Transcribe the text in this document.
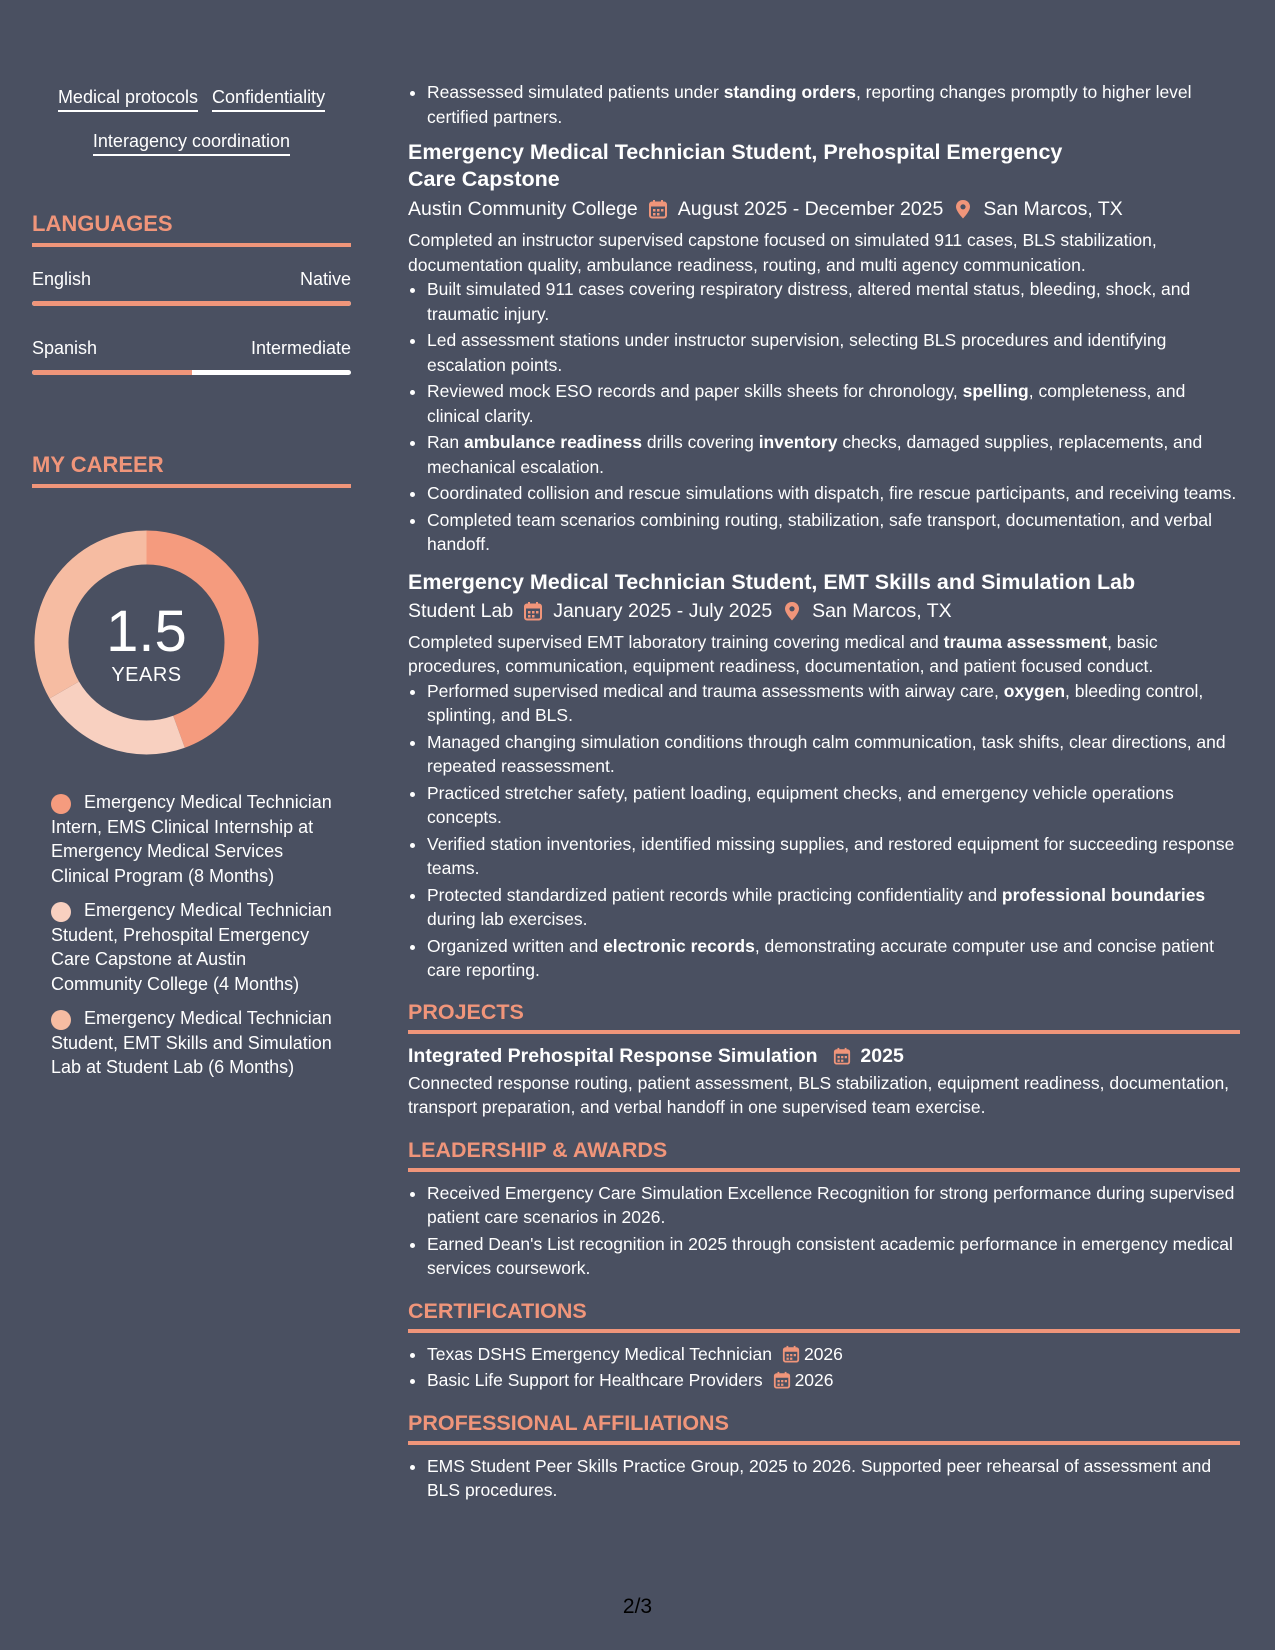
Medical protocols Confidentiality
Interagency coordination
LANGUAGES
English	Native
Spanish	Intermediate
MY CAREER
1.5
YEARS
Emergency Medical Technician Intern, EMS Clinical Internship at Emergency Medical Services Clinical Program (8 Months)
Emergency Medical Technician Student, Prehospital Emergency Care Capstone at Austin Community College (4 Months)
Emergency Medical Technician Student, EMT Skills and Simulation Lab at Student Lab (6 Months)
• Reassessed simulated patients under standing orders, reporting changes promptly to higher level certified partners.
Emergency Medical Technician Student, Prehospital Emergency Care Capstone
Austin Community College August 2025 - December 2025 San Marcos, TX
Completed an instructor supervised capstone focused on simulated 911 cases, BLS stabilization, documentation quality, ambulance readiness, routing, and multi agency communication.
• Built simulated 911 cases covering respiratory distress, altered mental status, bleeding, shock, and traumatic injury.
• Led assessment stations under instructor supervision, selecting BLS procedures and identifying escalation points.
• Reviewed mock ESO records and paper skills sheets for chronology, spelling, completeness, and clinical clarity.
• Ran ambulance readiness drills covering inventory checks, damaged supplies, replacements, and mechanical escalation.
• Coordinated collision and rescue simulations with dispatch, fire rescue participants, and receiving teams.
• Completed team scenarios combining routing, stabilization, safe transport, documentation, and verbal handoff.
Emergency Medical Technician Student, EMT Skills and Simulation Lab
Student Lab January 2025 - July 2025 San Marcos, TX
Completed supervised EMT laboratory training covering medical and trauma assessment, basic procedures, communication, equipment readiness, documentation, and patient focused conduct.
• Performed supervised medical and trauma assessments with airway care, oxygen, bleeding control, splinting, and BLS.
• Managed changing simulation conditions through calm communication, task shifts, clear directions, and repeated reassessment.
• Practiced stretcher safety, patient loading, equipment checks, and emergency vehicle operations concepts.
• Verified station inventories, identified missing supplies, and restored equipment for succeeding response teams.
• Protected standardized patient records while practicing confidentiality and professional boundaries during lab exercises.
• Organized written and electronic records, demonstrating accurate computer use and concise patient care reporting.
PROJECTS
Integrated Prehospital Response Simulation 2025
Connected response routing, patient assessment, BLS stabilization, equipment readiness, documentation, transport preparation, and verbal handoff in one supervised team exercise.
LEADERSHIP & AWARDS
• Received Emergency Care Simulation Excellence Recognition for strong performance during supervised patient care scenarios in 2026.
• Earned Dean's List recognition in 2025 through consistent academic performance in emergency medical services coursework.
CERTIFICATIONS
• Texas DSHS Emergency Medical Technician 2026
• Basic Life Support for Healthcare Providers 2026
PROFESSIONAL AFFILIATIONS
• EMS Student Peer Skills Practice Group, 2025 to 2026. Supported peer rehearsal of assessment and BLS procedures.
2/3
